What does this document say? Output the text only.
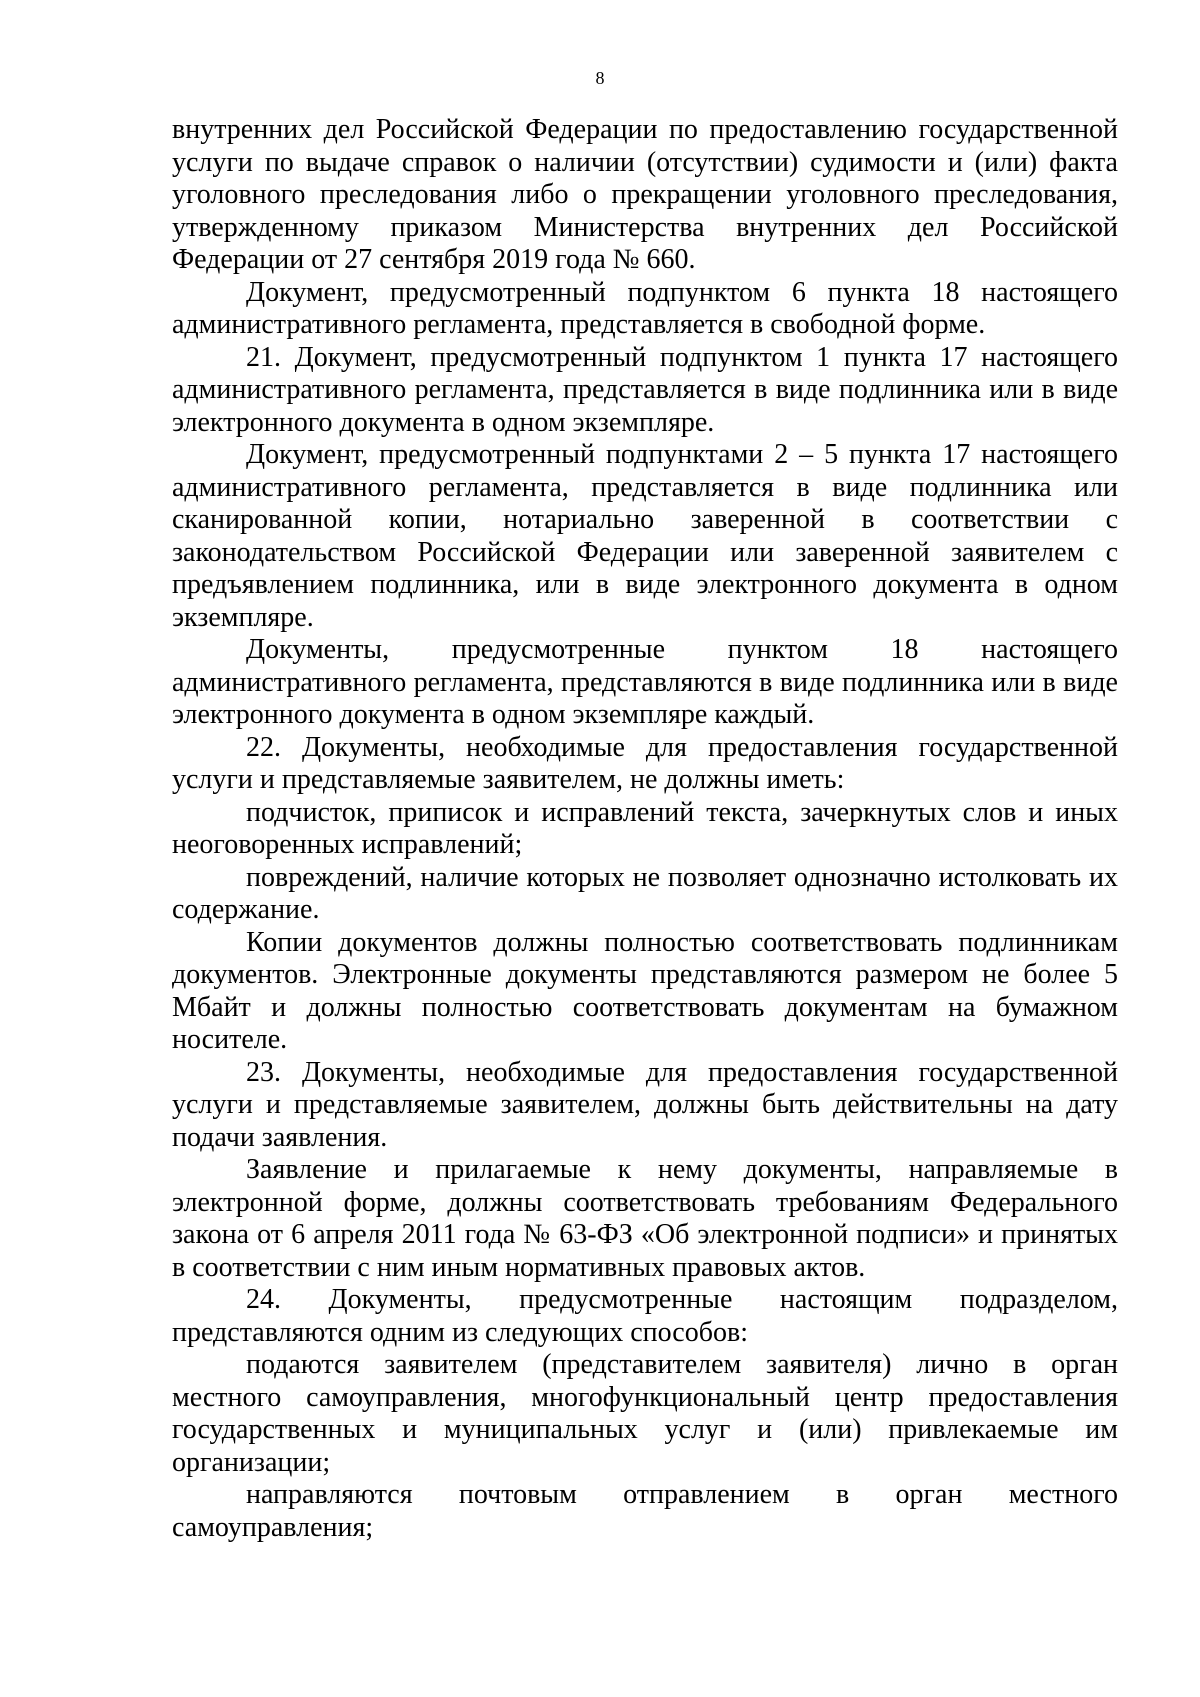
8

внутренних дел Российской Федерации по предоставлению государственной услуги по выдаче справок о наличии (отсутствии) судимости и (или) факта уголовного преследования либо о прекращении уголовного преследования, утвержденному приказом Министерства внутренних дел Российской Федерации от 27 сентября 2019 года № 660.

Документ, предусмотренный подпунктом 6 пункта 18 настоящего административного регламента, представляется в свободной форме.

21. Документ, предусмотренный подпунктом 1 пункта 17 настоящего административного регламента, представляется в виде подлинника или в виде электронного документа в одном экземпляре.

Документ, предусмотренный подпунктами 2 – 5 пункта 17 настоящего административного регламента, представляется в виде подлинника или сканированной копии, нотариально заверенной в соответствии с законодательством Российской Федерации или заверенной заявителем с предъявлением подлинника, или в виде электронного документа в одном экземпляре.

Документы, предусмотренные пунктом 18 настоящего административного регламента, представляются в виде подлинника или в виде электронного документа в одном экземпляре каждый.

22. Документы, необходимые для предоставления государственной услуги и представляемые заявителем, не должны иметь:

подчисток, приписок и исправлений текста, зачеркнутых слов и иных неоговоренных исправлений;

повреждений, наличие которых не позволяет однозначно истолковать их содержание.

Копии документов должны полностью соответствовать подлинникам документов. Электронные документы представляются размером не более 5 Мбайт и должны полностью соответствовать документам на бумажном носителе.

23. Документы, необходимые для предоставления государственной услуги и представляемые заявителем, должны быть действительны на дату подачи заявления.

Заявление и прилагаемые к нему документы, направляемые в электронной форме, должны соответствовать требованиям Федерального закона от 6 апреля 2011 года № 63-ФЗ «Об электронной подписи» и принятых в соответствии с ним иным нормативных правовых актов.

24. Документы, предусмотренные настоящим подразделом, представляются одним из следующих способов:

подаются заявителем (представителем заявителя) лично в орган местного самоуправления, многофункциональный центр предоставления государственных и муниципальных услуг и (или) привлекаемые им организации;

направляются почтовым отправлением в орган местного самоуправления;
